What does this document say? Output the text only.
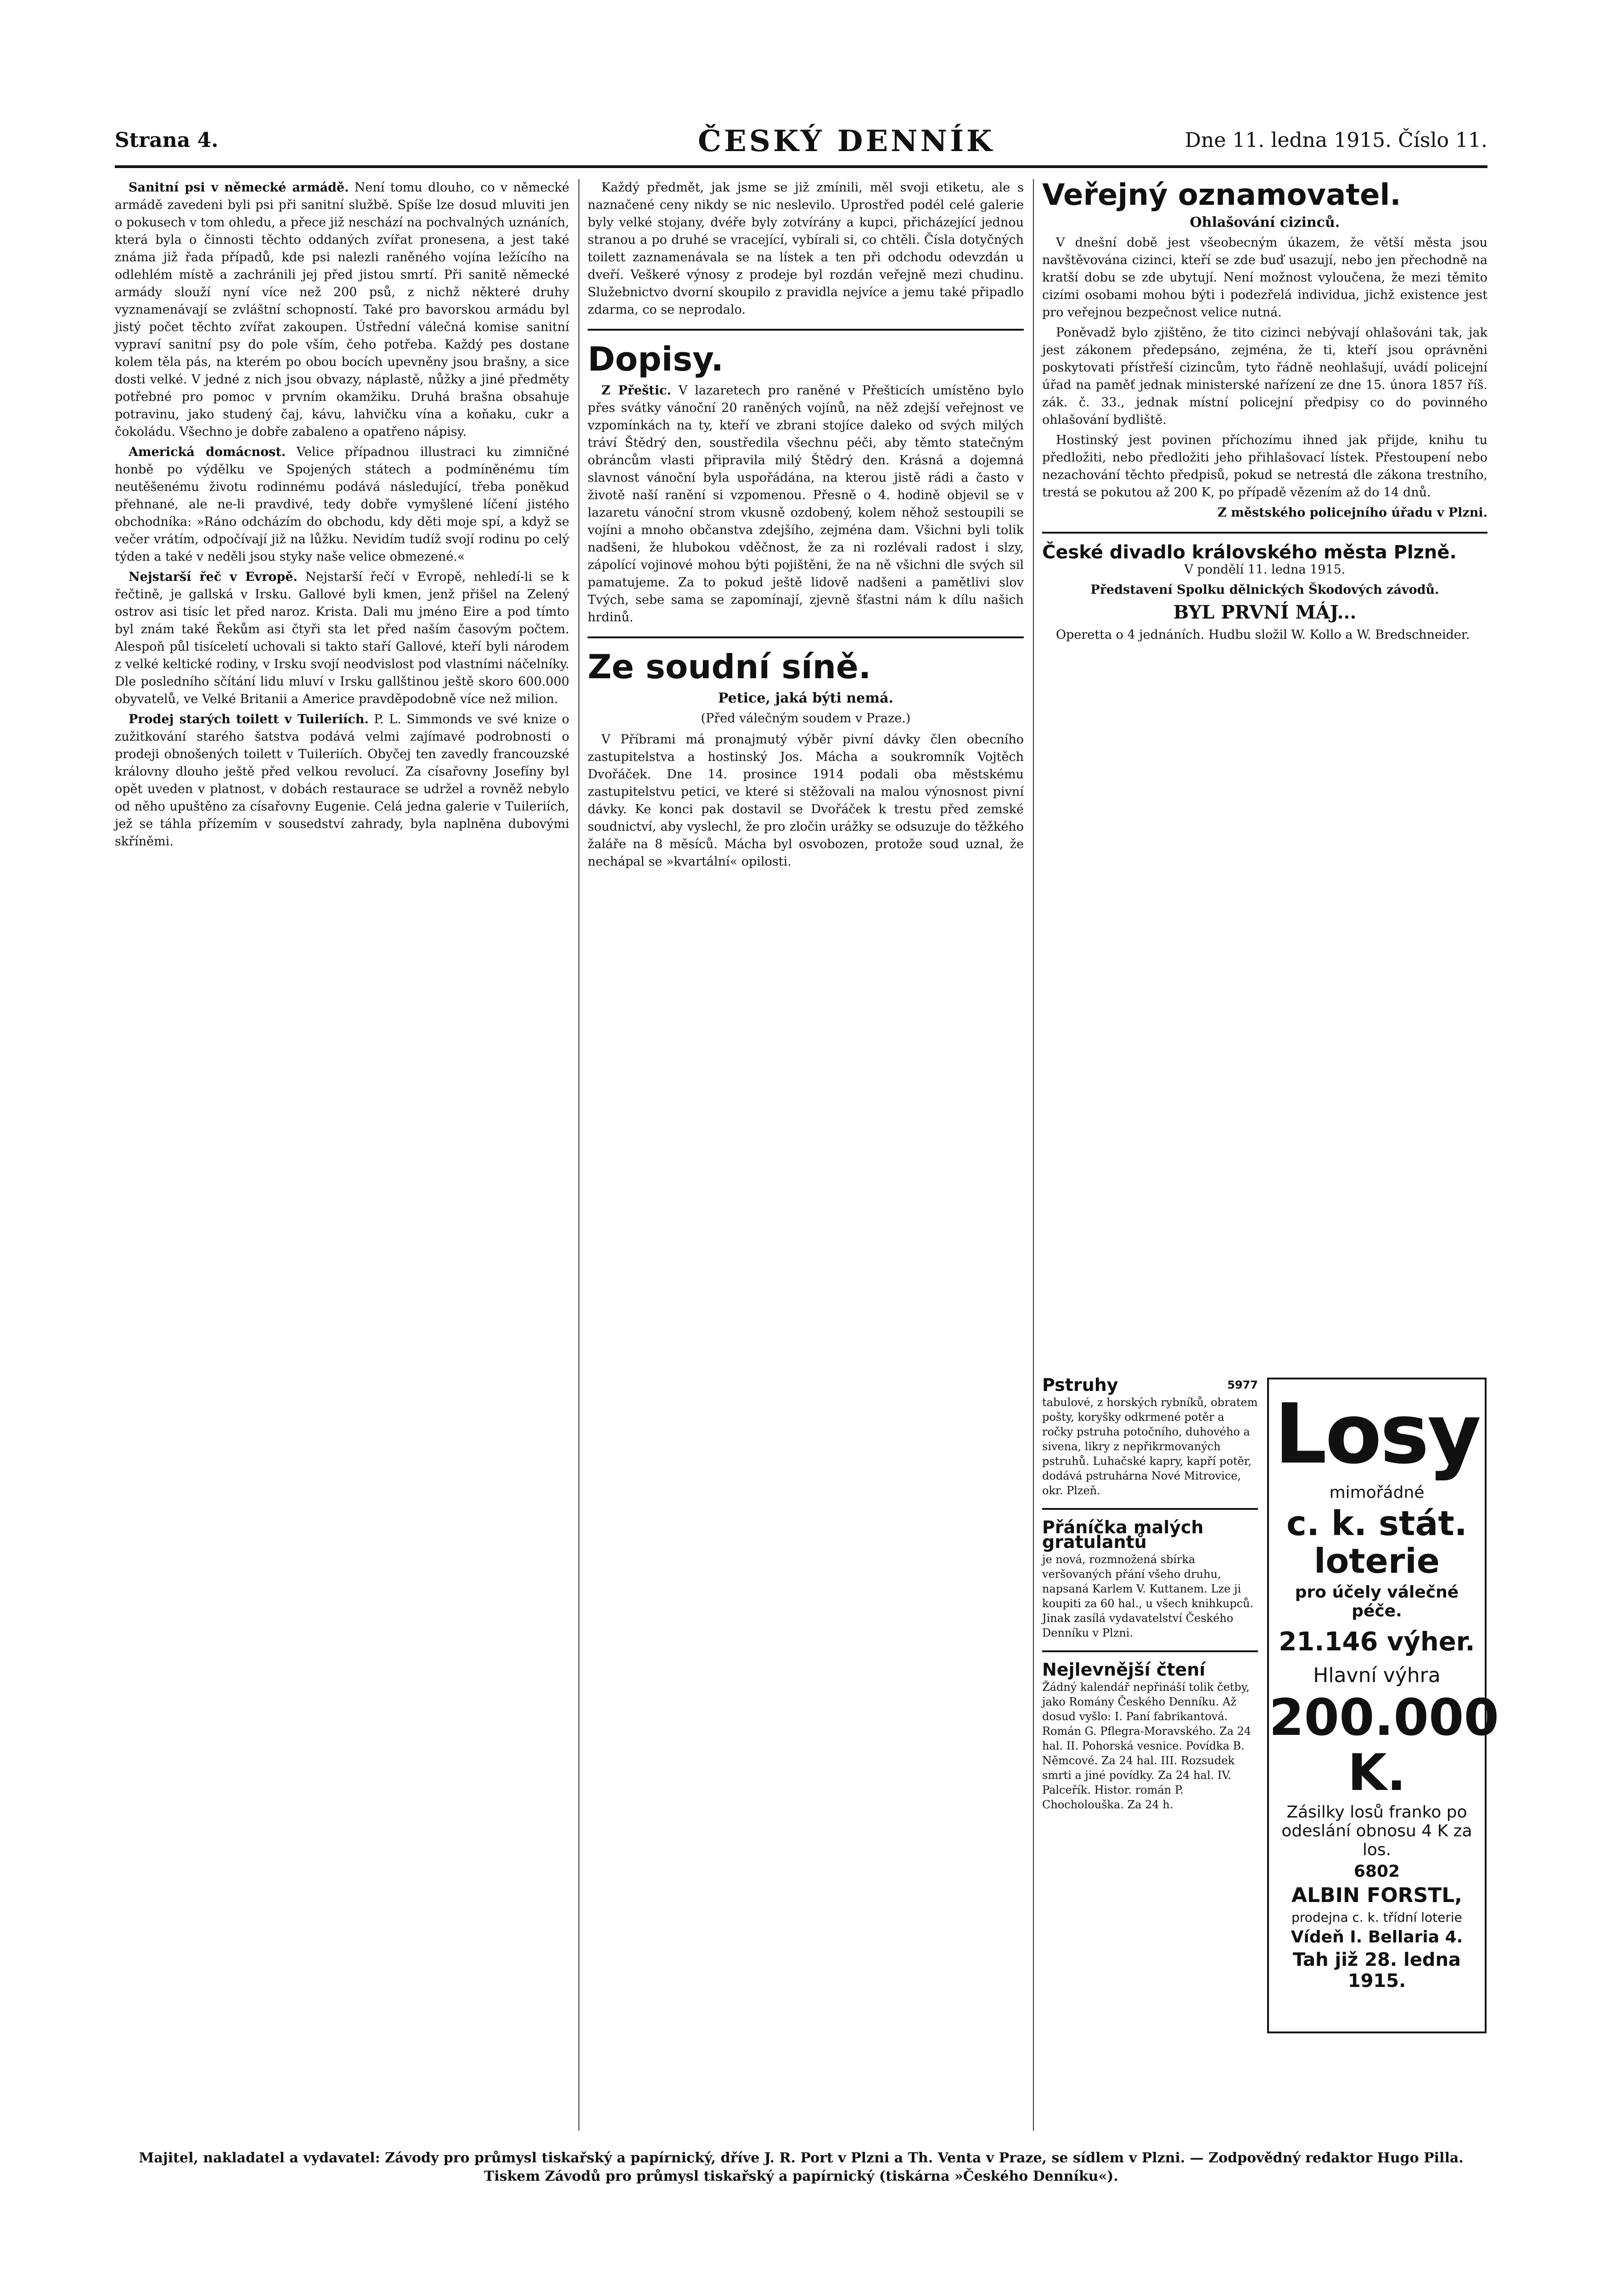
Strana 4.	ČESKÝ DENNÍK	Dne 11. ledna 1915. Číslo 11.

Sanitní psi v německé armádě. Není tomu dlouho, co v německé armádě zavedeni byli psi při sanitní službě. Spíše lze dosud mluviti jen o pokusech v tom ohledu, a přece již neschází na pochvalných uznáních, která byla o činnosti těchto oddaných zvířat pronesena, a jest také známa již řada případů, kde psi nalezli raněného vojína ležícího na odlehlém místě a zachránili jej před jistou smrtí. Při sanitě německé armády slouží nyní více než 200 psů, z nichž některé druhy vyznamenávají se zvláštní schopností. Také pro bavorskou armádu byl jistý počet těchto zvířat zakoupen. Ústřední válečná komise sanitní vypraví sanitní psy do pole vším, čeho potřeba. Každý pes dostane kolem těla pás, na kterém po obou bocích upevněny jsou brašny, a sice dosti velké. V jedné z nich jsou obvazy, náplastě, nůžky a jiné předměty potřebné pro pomoc v prvním okamžiku. Druhá brašna obsahuje potravinu, jako studený čaj, kávu, lahvičku vína a koňaku, cukr a čokoládu. Všechno je dobře zabaleno a opatřeno nápisy.

Americká domácnost. Velice případnou illustraci ku zimničné honbě po výdělku ve Spojených státech a podmíněnému tím neutěšenému životu rodinnému podává následující, třeba poněkud přehnané, ale ne-li pravdivé, tedy dobře vymyšlené líčení jistého obchodníka: »Ráno odcházím do obchodu, kdy děti moje spí, a když se večer vrátím, odpočívají již na lůžku. Nevidím tudíž svojí rodinu po celý týden a také v neděli jsou styky naše velice obmezené.«

Nejstarší řeč v Evropě. Nejstarší řečí v Evropě, nehledí-li se k řečtině, je gallská v Irsku. Gallové byli kmen, jenž přišel na Zelený ostrov asi tisíc let před naroz. Krista. Dali mu jméno Eire a pod tímto byl znám také Řekům asi čtyři sta let před naším časovým počtem. Alespoň půl tisíceletí uchovali si takto staří Gallové, kteří byli národem z velké keltické rodiny, v Irsku svojí neodvislost pod vlastními náčelníky. Dle posledního sčítání lidu mluví v Irsku gallštinou ještě skoro 600.000 obyvatelů, ve Velké Britanii a Americe pravděpodobně více než milion.

Prodej starých toilett v Tuileriích. P. L. Simmonds ve své knize o zužitkování starého šatstva podává velmi zajímavé podrobnosti o prodeji obnošených toilett v Tuileriích. Obyčej ten zavedly francouzské královny dlouho ještě před velkou revolucí. Za císařovny Josefíny byl opět uveden v platnost, v dobách restaurace se udržel a rovněž nebylo od něho upuštěno za císařovny Eugenie. Celá jedna galerie v Tuileriích, jež se táhla přízemím v sousedství zahrady, byla naplněna dubovými skříněmi.

Každý předmět, jak jsme se již zmínili, měl svoji etiketu, ale s naznačené ceny nikdy se nic neslevilo. Uprostřed podél celé galerie byly velké stojany, dvéře byly zotvírány a kupci, přicházející jednou stranou a po druhé se vracející, vybírali si, co chtěli. Čísla dotyčných toilett zaznamenávala se na lístek a ten při odchodu odevzdán u dveří. Veškeré výnosy z prodeje byl rozdán veřejně mezi chudinu. Služebnictvo dvorní skoupilo z pravidla nejvíce a jemu také připadlo zdarma, co se neprodalo.

Dopisy.

Z Přeštic. V lazaretech pro raněné v Přešticích umístěno bylo přes svátky vánoční 20 raněných vojínů, na něž zdejší veřejnost ve vzpomínkách na ty, kteří ve zbrani stojíce daleko od svých milých tráví Štědrý den, soustředila všechnu péči, aby těmto statečným obráncům vlasti připravila milý Štědrý den. Krásná a dojemná slavnost vánoční byla uspořádána, na kterou jistě rádi a často v životě naší ranění si vzpomenou. Přesně o 4. hodině objevil se v lazaretu vánoční strom vkusně ozdobený, kolem něhož sestoupili se vojíni a mnoho občanstva zdejšího, zejména dam. Všichni byli tolik nadšeni, že hlubokou vděčnost, že za ni rozlévali radost i slzy, zápolící vojinové mohou býti pojištěni, že na ně všichni dle svých sil pamatujeme. Za to pokud ještě lidově nadšeni a pamětlivi slov Tvých, sebe sama se zapomínají, zjevně šťastni nám k dílu našich hrdinů.

Ze soudní síně.
Petice, jaká býti nemá.
(Před válečným soudem v Praze.)

V Příbrami má pronajmutý výběr pivní dávky člen obecního zastupitelstva a hostinský Jos. Mácha a soukromník Vojtěch Dvořáček. Dne 14. prosince 1914 podali oba městskému zastupitelstvu petici, ve které si stěžovali na malou výnosnost pivní dávky. Ke konci pak dostavil se Dvořáček k trestu před zemské soudnictví, aby vyslechl, že pro zločin urážky se odsuzuje do těžkého žaláře na 8 měsíců. Mácha byl osvobozen, protože soud uznal, že nechápal se »kvartální« opilosti.

Veřejný oznamovatel.
Ohlašování cizinců.

V dnešní době jest všeobecným úkazem, že větší města jsou navštěvována cizinci, kteří se zde buď usazují, nebo jen přechodně na kratší dobu se zde ubytují. Není možnost vyloučena, že mezi těmito cizími osobami mohou býti i podezřelá individua, jichž existence jest pro veřejnou bezpečnost velice nutná.

Poněvadž bylo zjištěno, že tito cizinci nebývají ohlašováni tak, jak jest zákonem předepsáno, zejména, že ti, kteří jsou oprávněni poskytovati přístřeší cizincům, tyto řádně neohlašují, uvádí policejní úřad na paměť jednak ministerské nařízení ze dne 15. února 1857 říš. zák. č. 33., jednak místní policejní předpisy co do povinného ohlašování bydliště.

Hostinský jest povinen příchozímu ihned jak přijde, knihu tu předložiti, nebo předložiti jeho přihlašovací lístek. Přestoupení nebo nezachování těchto předpisů, pokud se netrestá dle zákona trestního, trestá se pokutou až 200 K, po případě vězením až do 14 dnů.

Z městského policejního úřadu v Plzni.

České divadlo královského města Plzně.

V pondělí 11. ledna 1915.

Představení Spolku dělnických Škodových závodů.

BYL PRVNÍ MÁJ...

Operetta o 4 jednáních. Hudbu složil W. Kollo a W. Bredschneider.

Pstruhy	5977
tabulové, z horských rybníků, obratem pošty, koryšky odkrmené potěr a ročky pstruha potočního, duhového a sivena, likry z nepřikrmovaných pstruhů. Luhačské kapry, kapří potěr, dodává pstruhárna Nové Mitrovice, okr. Plzeň.
Přáníčka malých gratulantů
je nová, rozmnožená sbírka veršovaných přání všeho druhu, napsaná Karlem V. Kuttanem. Lze ji koupiti za 60 hal., u všech knihkupců. Jinak zasílá vydavatelství Českého Denníku v Plzni.
Nejlevnější čtení
Žádný kalendář nepřináší tolik četby, jako Romány Českého Denníku. Až dosud vyšlo: I. Paní fabrikantová. Román G. Pflegra-Moravského. Za 24 hal. II. Pohorská vesnice. Povídka B. Němcové. Za 24 hal. III. Rozsudek smrti a jiné povídky. Za 24 hal. IV. Palceřík. Histor. román P. Chocholouška. Za 24 h.
Losy
mimořádné
c. k. stát.
loterie
pro účely válečné péče.
21.146 výher.
Hlavní výhra
200.000 K.
Zásilky losů franko po odeslání obnosu 4 K za los.
6802
ALBIN FORSTL,
prodejna c. k. třídní loterie
Vídeň I. Bellaria 4.
Tah již 28. ledna 1915.
Majitel, nakladatel a vydavatel: Závody pro průmysl tiskařský a papírnický, dříve J. R. Port v Plzni a Th. Venta v Praze, se sídlem v Plzni. — Zodpovědný redaktor Hugo Pilla. Tiskem Závodů pro průmysl tiskařský a papírnický (tiskárna »Českého Denníku«).
